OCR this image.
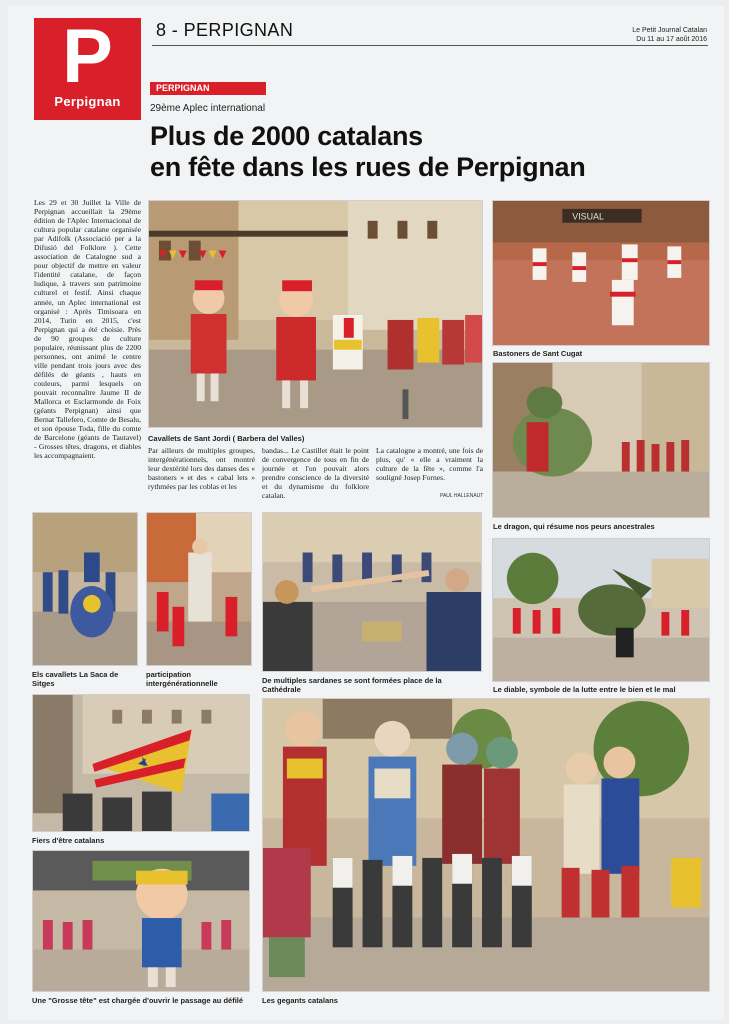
P
Perpignan
8 - PERPIGNAN	Le Petit Journal Catalan
Du 11 au 17 août 2016
PERPIGNAN
29ème Aplec international
Plus de 2000 catalans
en fête dans les rues de Perpignan
Les 29 et 30 Juillet la Ville de Perpignan accueillait la 29ème édition de l'Aplec Internacional de cultura popular catalane organisée par Adifolk (Associació per a la Difusió del Folklore ). Cette association de Catalogne sud a pour objectif de mettre en valeur l'identité catalane, de façon ludique, à travers son patrimoine culturel et festif. Ainsi chaque année, un Aplec international est organisé : Après Timisoara en 2014, Turin en 2015, c'est Perpignan qui a été choisie. Près de 90 groupes de culture populaire, réunissant plus de 2200 personnes, ont animé le centre ville pendant trois jours avec des défilés de géants , hauts en couleurs, parmi lesquels on pouvait reconnaître Jaume II de Mallorca et Esclarmonde de Foix (géants Perpignan) ainsi que Bernat Tallefero, Comte de Besalu, et son épouse Toda, fille du comte de Barcelone (géants de Tautavel) - Grosses têtes, dragons, et diables les accompagnaient.
Par ailleurs de multiples groupes, intergénérationnels, ont montré leur dextérité lors des danses des « bastoners » et des « cabal lets » rythmées par les coblas et les
bandas... Le Castillet était le point de convergence de tous en fin de journée et l'on pouvait alors prendre conscience de la diversité et du dynamisme du folklore catalan.
La catalogne a montré, une fois de plus, qu' « elle a vraiment la culture de la fête », comme l'a souligné Josep Fornes.
PAUL HALLENAUT
Cavallets de Sant Jordi ( Barbera del Valles)
VISUAL
Bastoners de Sant Cugat
Le dragon, qui résume nos peurs ancestrales
Els cavallets La Saca de Sitges
participation intergénérationnelle	De multiples sardanes se sont formées place de la Cathédrale	Le diable, symbole de la lutte entre le bien et le mal
Fiers d'être catalans
Une "Grosse tête" est chargée d'ouvrir le passage au défilé	Les gegants catalans
